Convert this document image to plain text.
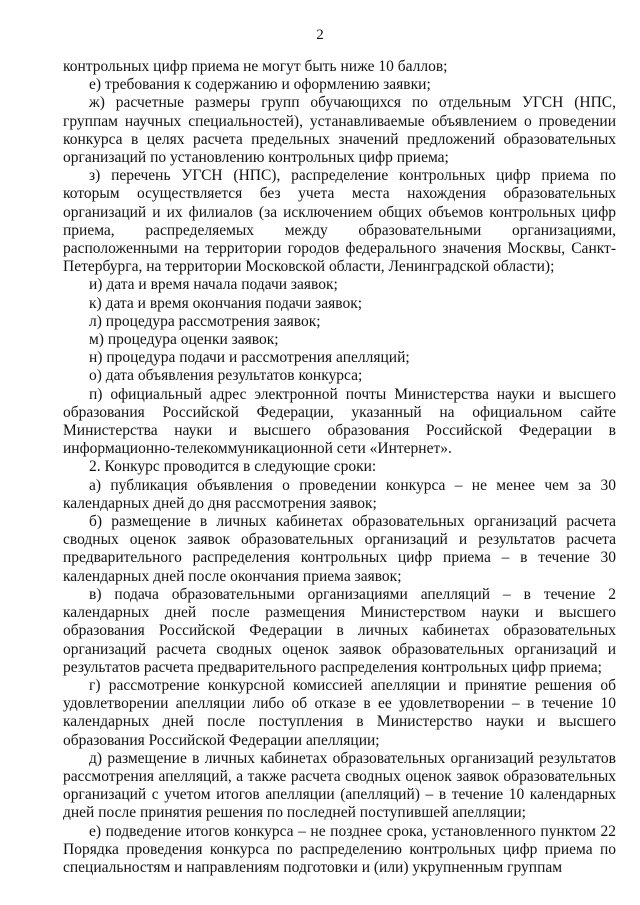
2

контрольных цифр приема не могут быть ниже 10 баллов;

е) требования к содержанию и оформлению заявки;

ж) расчетные размеры групп обучающихся по отдельным УГСН (НПС, группам научных специальностей), устанавливаемые объявлением о проведении конкурса в целях расчета предельных значений предложений образовательных организаций по установлению контрольных цифр приема;

з) перечень УГСН (НПС), распределение контрольных цифр приема по которым осуществляется без учета места нахождения образовательных организаций и их филиалов (за исключением общих объемов контрольных цифр приема, распределяемых между образовательными организациями, расположенными на территории городов федерального значения Москвы, Санкт-Петербурга, на территории Московской области, Ленинградской области);

и) дата и время начала подачи заявок;

к) дата и время окончания подачи заявок;

л) процедура рассмотрения заявок;

м) процедура оценки заявок;

н) процедура подачи и рассмотрения апелляций;

о) дата объявления результатов конкурса;

п) официальный адрес электронной почты Министерства науки и высшего образования Российской Федерации, указанный на официальном сайте Министерства науки и высшего образования Российской Федерации в информационно-телекоммуникационной сети «Интернет».

2. Конкурс проводится в следующие сроки:

а) публикация объявления о проведении конкурса – не менее чем за 30 календарных дней до дня рассмотрения заявок;

б) размещение в личных кабинетах образовательных организаций расчета сводных оценок заявок образовательных организаций и результатов расчета предварительного распределения контрольных цифр приема – в течение 30 календарных дней после окончания приема заявок;

в) подача образовательными организациями апелляций – в течение 2 календарных дней после размещения Министерством науки и высшего образования Российской Федерации в личных кабинетах образовательных организаций расчета сводных оценок заявок образовательных организаций и результатов расчета предварительного распределения контрольных цифр приема;

г) рассмотрение конкурсной комиссией апелляции и принятие решения об удовлетворении апелляции либо об отказе в ее удовлетворении – в течение 10 календарных дней после поступления в Министерство науки и высшего образования Российской Федерации апелляции;

д) размещение в личных кабинетах образовательных организаций результатов рассмотрения апелляций, а также расчета сводных оценок заявок образовательных организаций с учетом итогов апелляции (апелляций) – в течение 10 календарных дней после принятия решения по последней поступившей апелляции;

е) подведение итогов конкурса – не позднее срока, установленного пунктом 22 Порядка проведения конкурса по распределению контрольных цифр приема по специальностям и направлениям подготовки и (или) укрупненным группам
